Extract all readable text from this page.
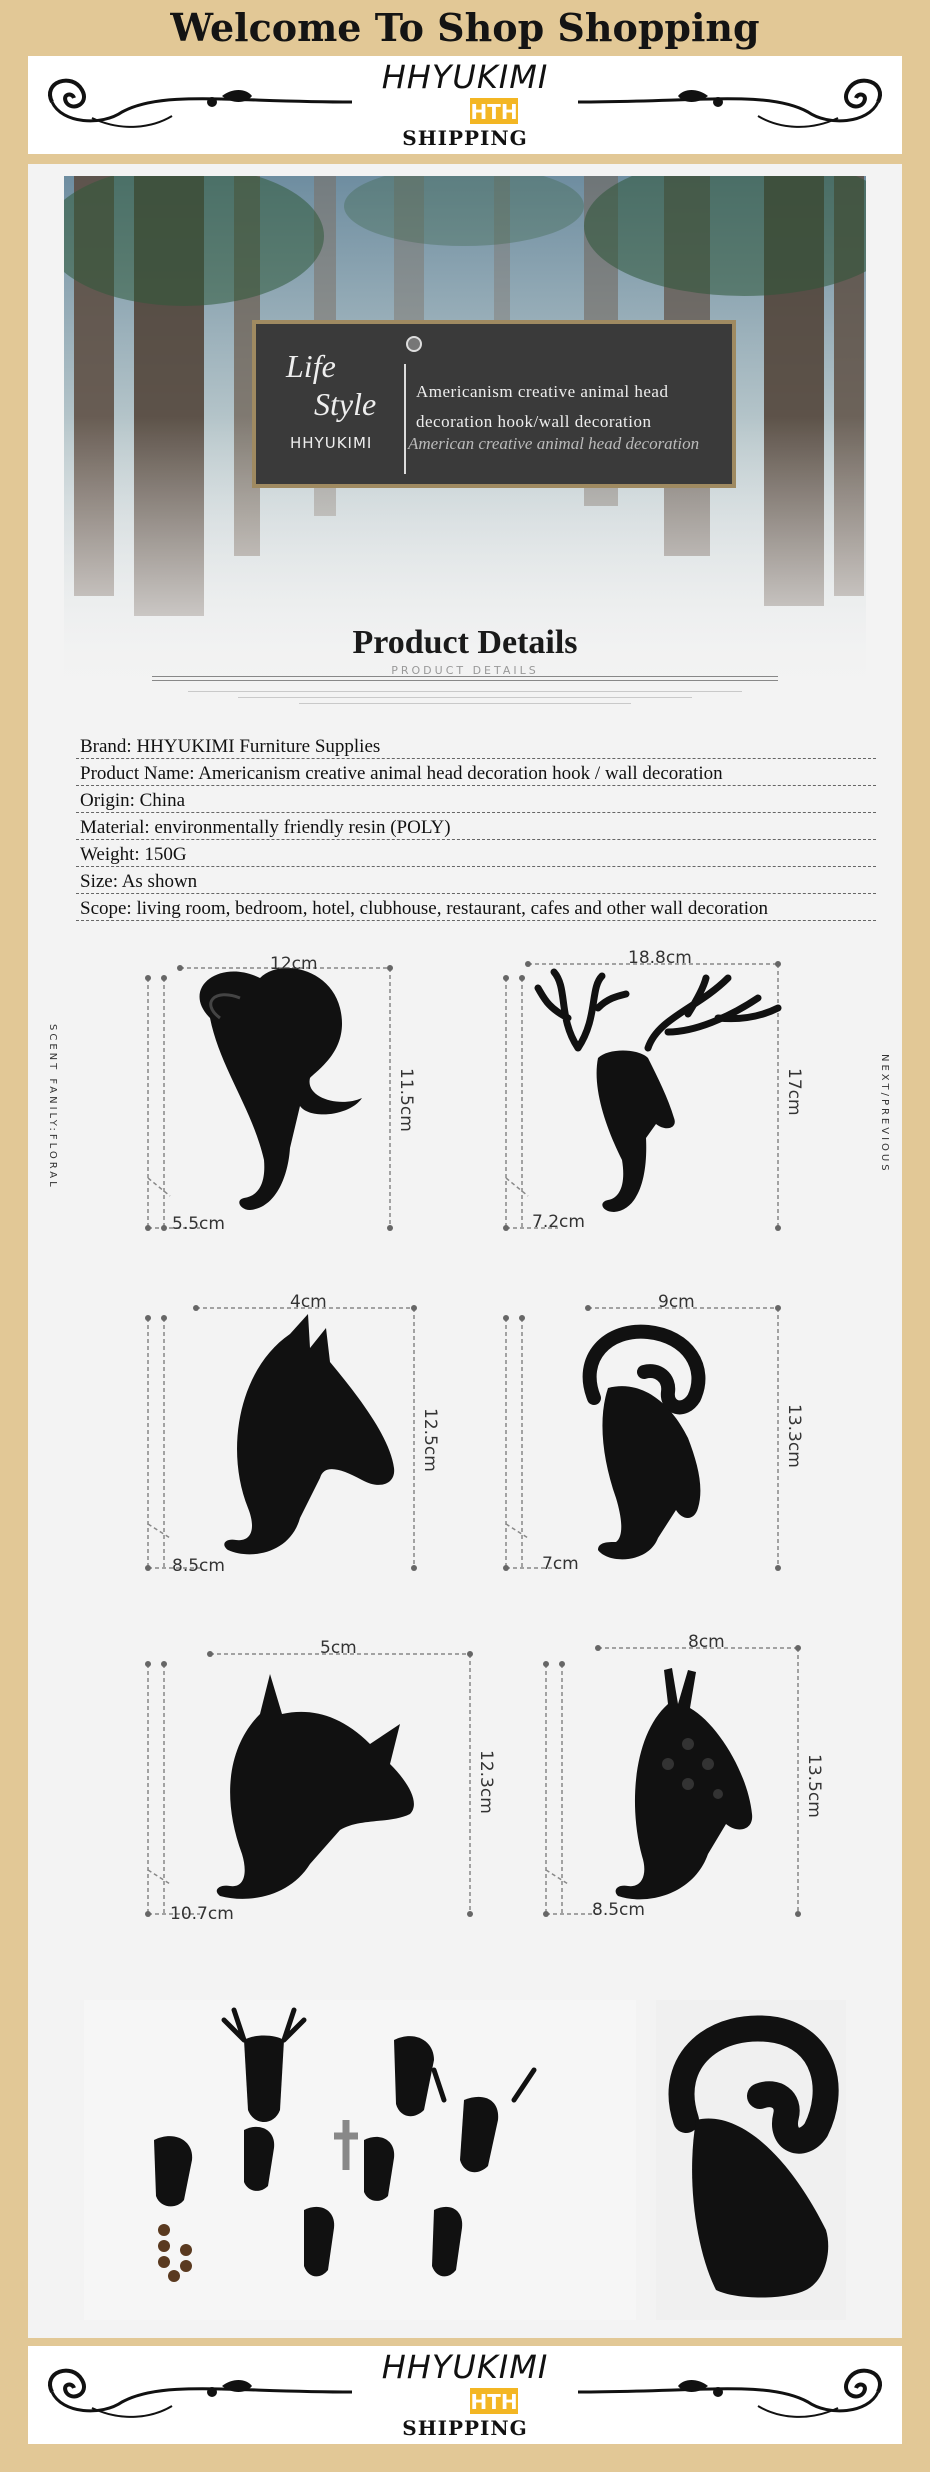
Welcome To Shop Shopping
HHYUKIMI
HTH
SHIPPING
Life
Style
HHYUKIMI
Americanism creative animal head
decoration hook/wall decoration
American creative animal head decoration
Product Details
PRODUCT DETAILS
Brand: HHYUKIMI Furniture Supplies
Product Name: Americanism creative animal head decoration hook / wall decoration
Origin: China
Material: environmentally friendly resin (POLY)
Weight: 150G
Size: As shown
Scope: living room, bedroom, hotel, clubhouse, restaurant, cafes and other wall decoration
SCENT FANILY:FLORAL	NEXT/PREVIOUS
12cm
11.5cm
5.5cm
18.8cm
17cm
7.2cm
4cm
12.5cm
8.5cm
9cm
13.3cm
7cm
5cm
12.3cm
10.7cm
8cm
13.5cm
8.5cm
HHYUKIMI
HTH
SHIPPING
